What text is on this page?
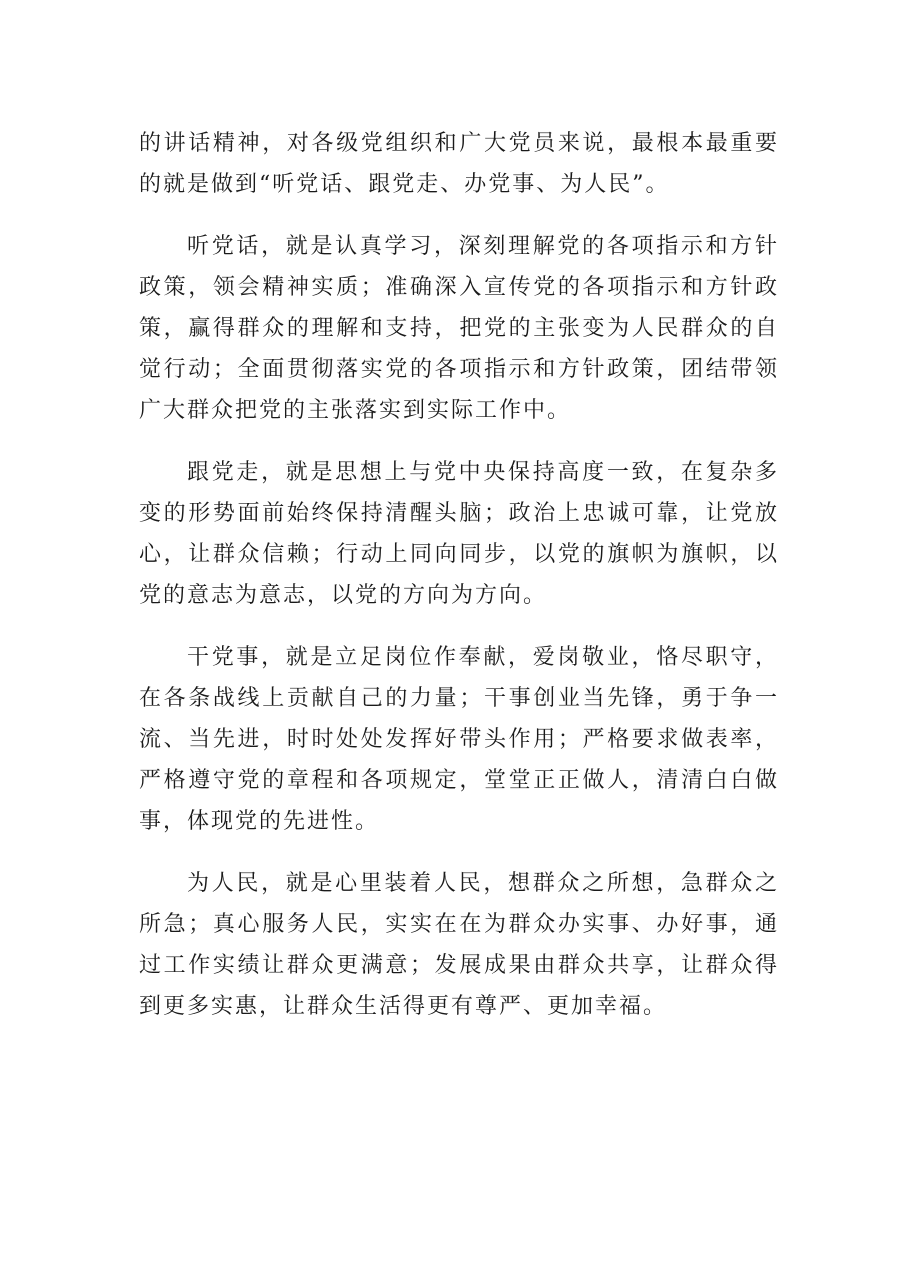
的讲话精神，对各级党组织和广大党员来说，最根本最重要的就是做到“听党话、跟党走、办党事、为人民”。

听党话，就是认真学习，深刻理解党的各项指示和方针政策，领会精神实质；准确深入宣传党的各项指示和方针政策，赢得群众的理解和支持，把党的主张变为人民群众的自觉行动；全面贯彻落实党的各项指示和方针政策，团结带领广大群众把党的主张落实到实际工作中。

跟党走，就是思想上与党中央保持高度一致，在复杂多变的形势面前始终保持清醒头脑；政治上忠诚可靠，让党放心，让群众信赖；行动上同向同步，以党的旗帜为旗帜，以党的意志为意志，以党的方向为方向。

干党事，就是立足岗位作奉献，爱岗敬业，恪尽职守，在各条战线上贡献自己的力量；干事创业当先锋，勇于争一流、当先进，时时处处发挥好带头作用；严格要求做表率，严格遵守党的章程和各项规定，堂堂正正做人，清清白白做事，体现党的先进性。

为人民，就是心里装着人民，想群众之所想，急群众之所急；真心服务人民，实实在在为群众办实事、办好事，通过工作实绩让群众更满意；发展成果由群众共享，让群众得到更多实惠，让群众生活得更有尊严、更加幸福。
